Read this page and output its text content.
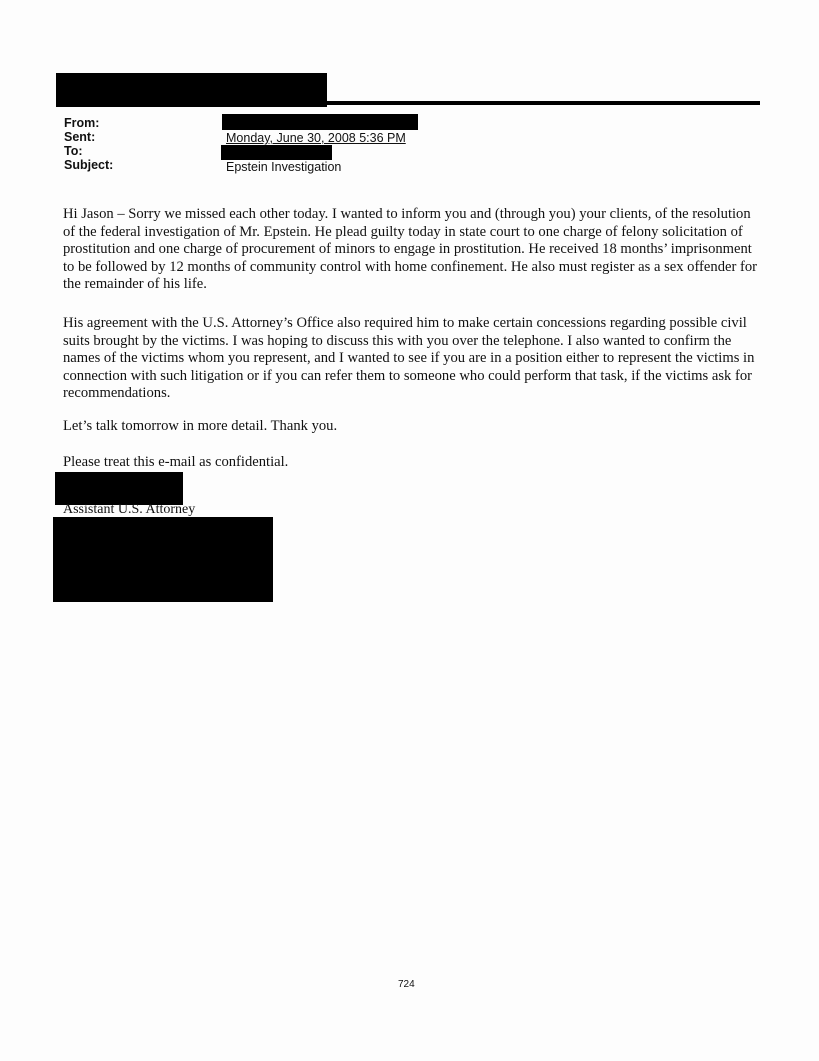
From:
Sent:
To:
Subject:
Monday, June 30, 2008 5:36 PM
Epstein Investigation

Hi Jason – Sorry we missed each other today. I wanted to inform you and (through you) your clients, of the resolution of the federal investigation of Mr. Epstein. He plead guilty today in state court to one charge of felony solicitation of prostitution and one charge of procurement of minors to engage in prostitution. He received 18 months’ imprisonment to be followed by 12 months of community control with home confinement. He also must register as a sex offender for the remainder of his life.

His agreement with the U.S. Attorney’s Office also required him to make certain concessions regarding possible civil suits brought by the victims. I was hoping to discuss this with you over the telephone. I also wanted to confirm the names of the victims whom you represent, and I wanted to see if you are in a position either to represent the victims in connection with such litigation or if you can refer them to someone who could perform that task, if the victims ask for recommendations.

Let’s talk tomorrow in more detail. Thank you.

Please treat this e-mail as confidential.

Assistant U.S. Attorney
724
